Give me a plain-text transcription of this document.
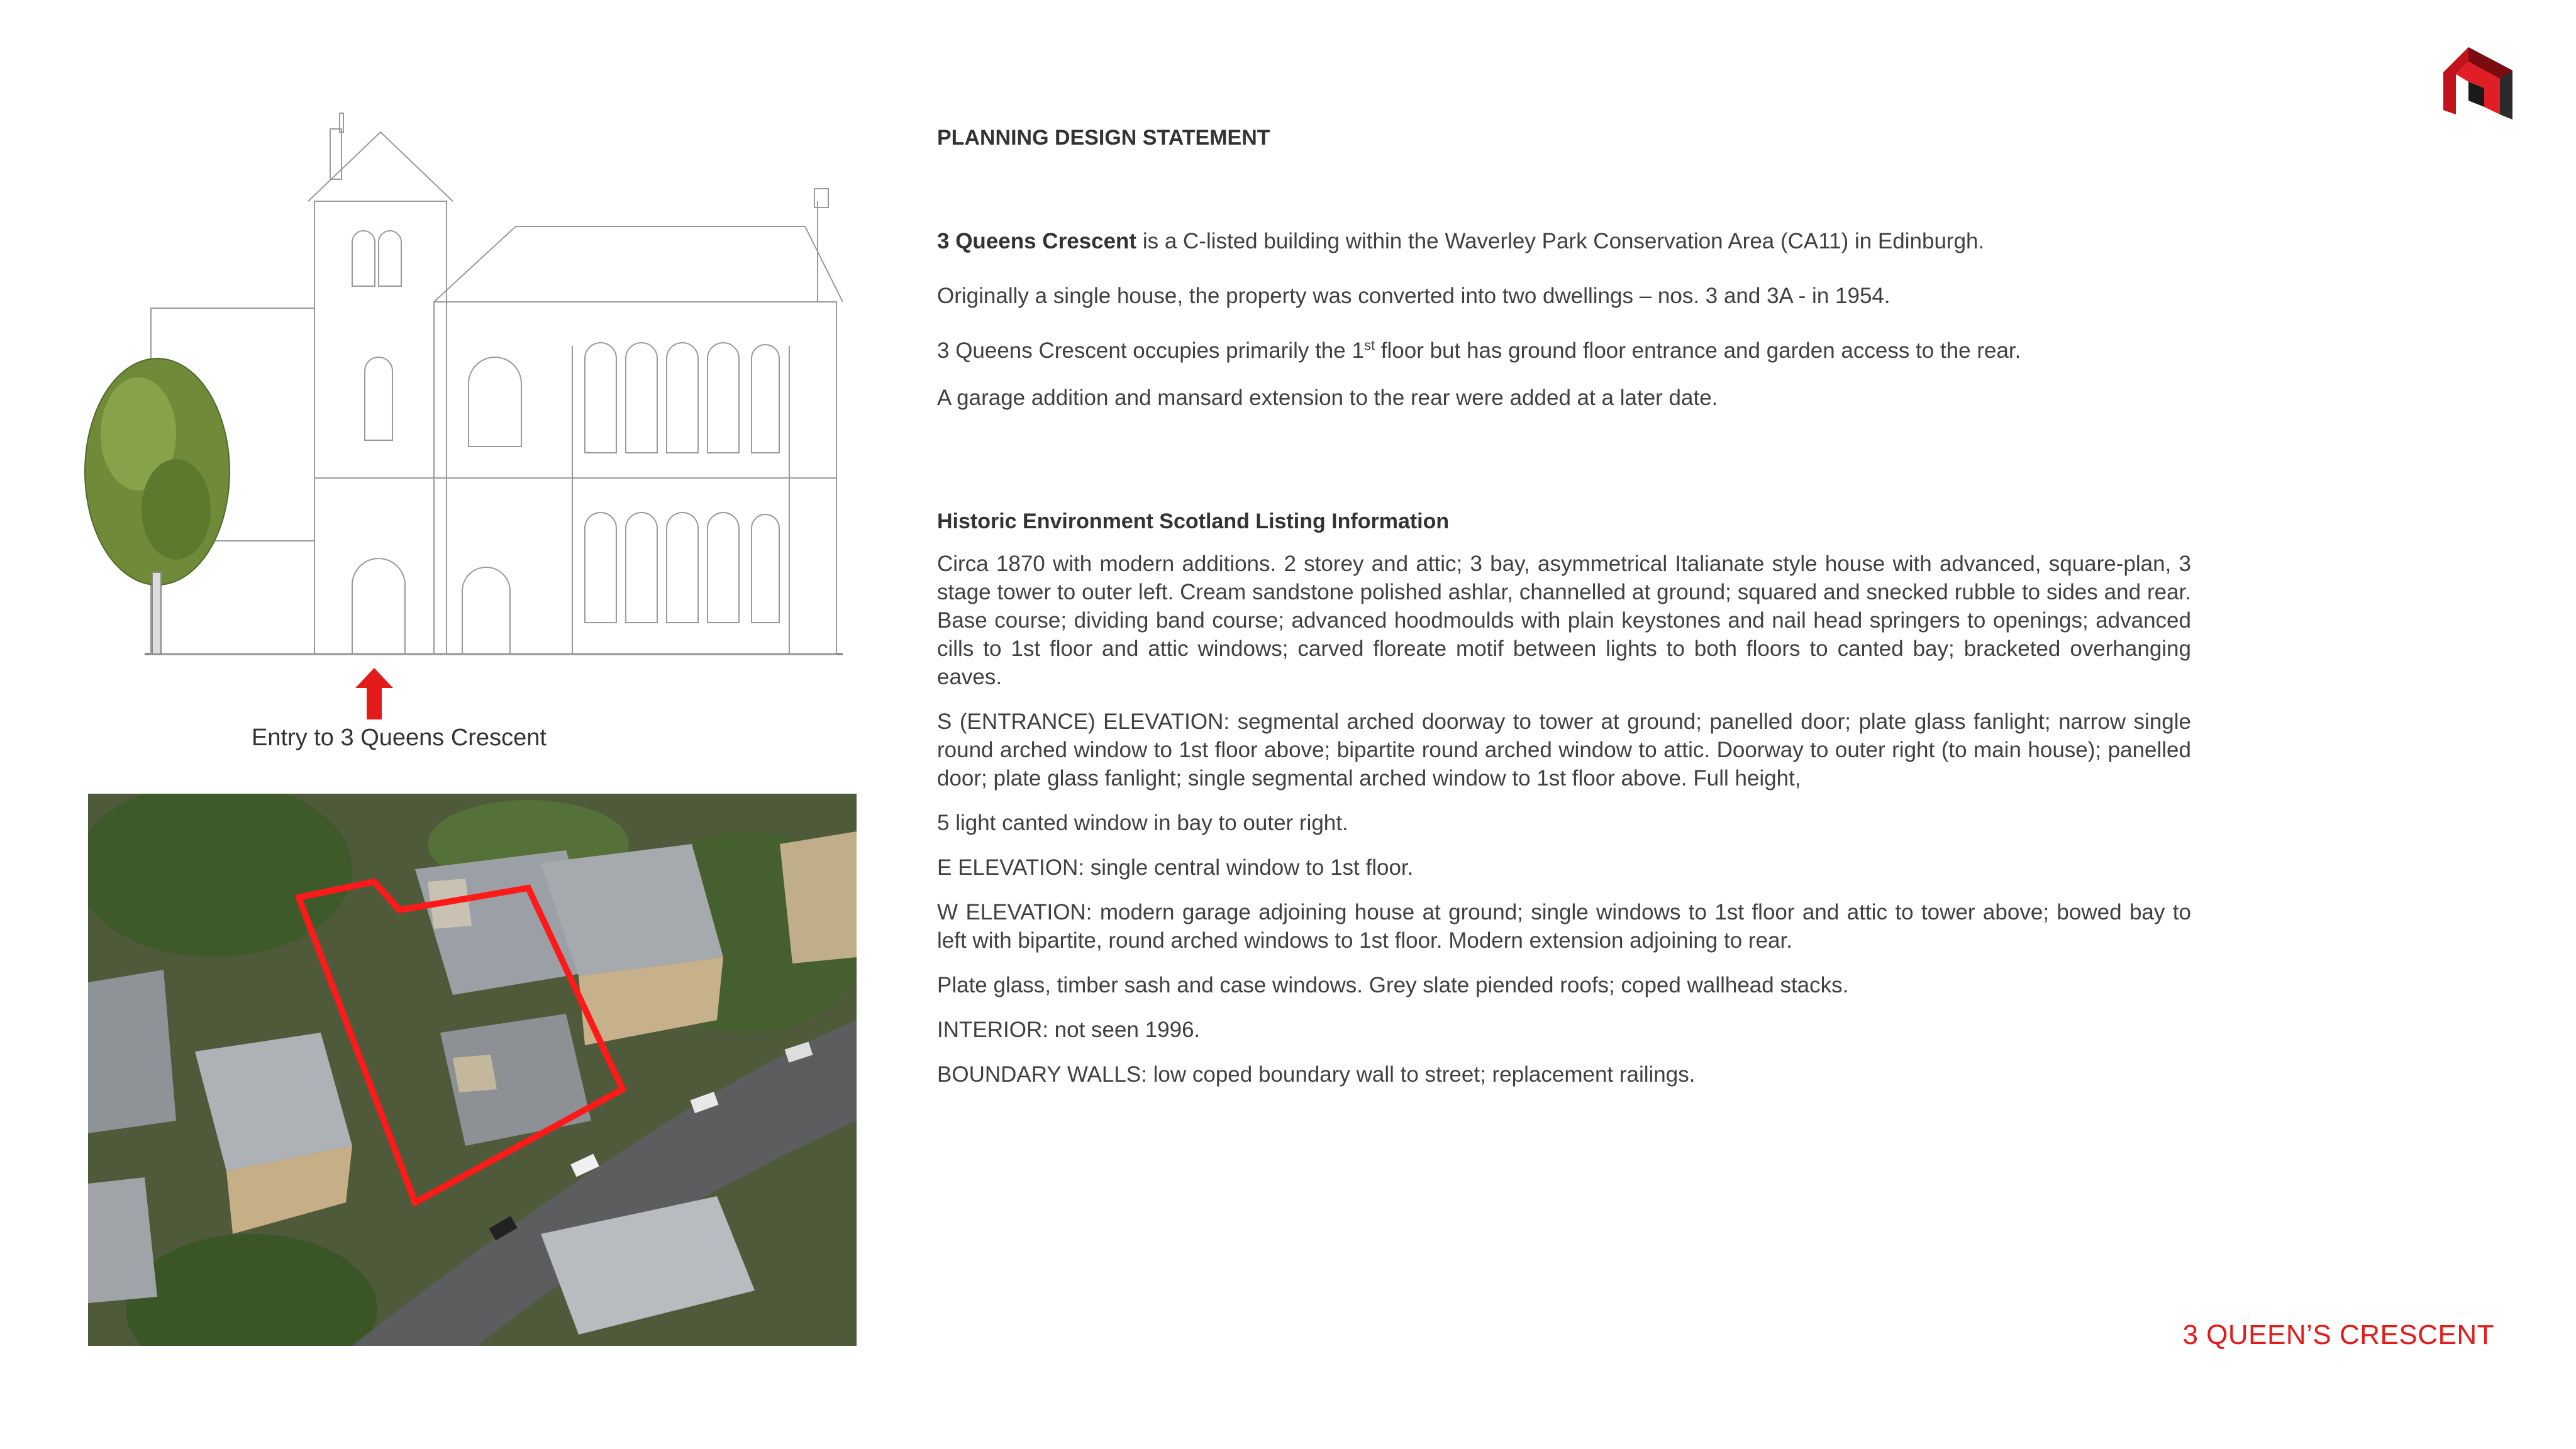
Entry to 3 Queens Crescent
PLANNING DESIGN STATEMENT

3 Queens Crescent is a C-listed building within the Waverley Park Conservation Area (CA11) in Edinburgh.

Originally a single house, the property was converted into two dwellings – nos. 3 and 3A - in 1954.

3 Queens Crescent occupies primarily the 1st floor but has ground floor entrance and garden access to the rear.

A garage addition and mansard extension to the rear were added at a later date.

Historic Environment Scotland Listing Information

Circa 1870 with modern additions. 2 storey and attic; 3 bay, asymmetrical Italianate style house with advanced, square-plan, 3 stage tower to outer left. Cream sandstone polished ashlar, channelled at ground; squared and snecked rubble to sides and rear. Base course; dividing band course; advanced hoodmoulds with plain keystones and nail head springers to openings; advanced cills to 1st floor and attic windows; carved floreate motif between lights to both floors to canted bay; bracketed overhanging eaves.

S (ENTRANCE) ELEVATION: segmental arched doorway to tower at ground; panelled door; plate glass fanlight; narrow single round arched window to 1st floor above; bipartite round arched window to attic. Doorway to outer right (to main house); panelled door; plate glass fanlight; single segmental arched window to 1st floor above. Full height,

5 light canted window in bay to outer right.

E ELEVATION: single central window to 1st floor.

W ELEVATION: modern garage adjoining house at ground; single windows to 1st floor and attic to tower above; bowed bay to left with bipartite, round arched windows to 1st floor. Modern extension adjoining to rear.

Plate glass, timber sash and case windows. Grey slate piended roofs; coped wallhead stacks.

INTERIOR: not seen 1996.

BOUNDARY WALLS: low coped boundary wall to street; replacement railings.

3 QUEEN’S CRESCENT
